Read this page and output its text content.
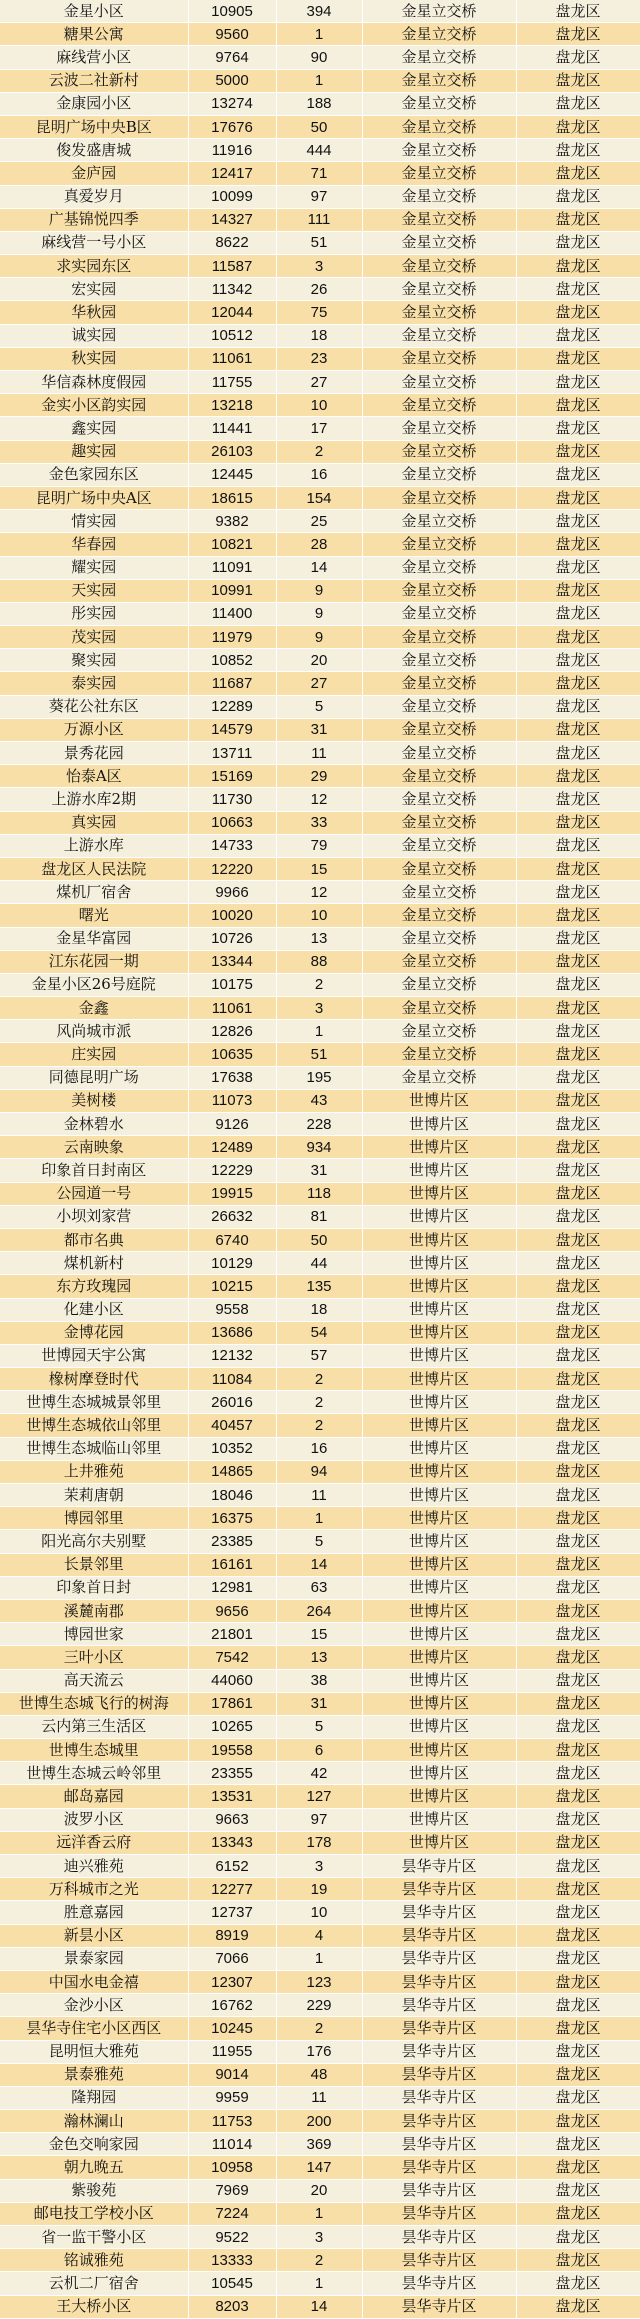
金星小区	10905	394	金星立交桥	盘龙区
糖果公寓	9560	1	金星立交桥	盘龙区
麻线营小区	9764	90	金星立交桥	盘龙区
云波二社新村	5000	1	金星立交桥	盘龙区
金康园小区	13274	188	金星立交桥	盘龙区
昆明广场中央B区	17676	50	金星立交桥	盘龙区
俊发盛唐城	11916	444	金星立交桥	盘龙区
金庐园	12417	71	金星立交桥	盘龙区
真爱岁月	10099	97	金星立交桥	盘龙区
广基锦悦四季	14327	111	金星立交桥	盘龙区
麻线营一号小区	8622	51	金星立交桥	盘龙区
求实园东区	11587	3	金星立交桥	盘龙区
宏实园	11342	26	金星立交桥	盘龙区
华秋园	12044	75	金星立交桥	盘龙区
诚实园	10512	18	金星立交桥	盘龙区
秋实园	11061	23	金星立交桥	盘龙区
华信森林度假园	11755	27	金星立交桥	盘龙区
金实小区韵实园	13218	10	金星立交桥	盘龙区
鑫实园	11441	17	金星立交桥	盘龙区
趣实园	26103	2	金星立交桥	盘龙区
金色家园东区	12445	16	金星立交桥	盘龙区
昆明广场中央A区	18615	154	金星立交桥	盘龙区
情实园	9382	25	金星立交桥	盘龙区
华春园	10821	28	金星立交桥	盘龙区
耀实园	11091	14	金星立交桥	盘龙区
天实园	10991	9	金星立交桥	盘龙区
彤实园	11400	9	金星立交桥	盘龙区
茂实园	11979	9	金星立交桥	盘龙区
聚实园	10852	20	金星立交桥	盘龙区
泰实园	11687	27	金星立交桥	盘龙区
葵花公社东区	12289	5	金星立交桥	盘龙区
万源小区	14579	31	金星立交桥	盘龙区
景秀花园	13711	11	金星立交桥	盘龙区
怡泰A区	15169	29	金星立交桥	盘龙区
上游水库2期	11730	12	金星立交桥	盘龙区
真实园	10663	33	金星立交桥	盘龙区
上游水库	14733	79	金星立交桥	盘龙区
盘龙区人民法院	12220	15	金星立交桥	盘龙区
煤机厂宿舍	9966	12	金星立交桥	盘龙区
曙光	10020	10	金星立交桥	盘龙区
金星华富园	10726	13	金星立交桥	盘龙区
江东花园一期	13344	88	金星立交桥	盘龙区
金星小区26号庭院	10175	2	金星立交桥	盘龙区
金鑫	11061	3	金星立交桥	盘龙区
风尚城市派	12826	1	金星立交桥	盘龙区
庄实园	10635	51	金星立交桥	盘龙区
同德昆明广场	17638	195	金星立交桥	盘龙区
美树楼	11073	43	世博片区	盘龙区
金林碧水	9126	228	世博片区	盘龙区
云南映象	12489	934	世博片区	盘龙区
印象首日封南区	12229	31	世博片区	盘龙区
公园道一号	19915	118	世博片区	盘龙区
小坝刘家营	26632	81	世博片区	盘龙区
都市名典	6740	50	世博片区	盘龙区
煤机新村	10129	44	世博片区	盘龙区
东方玫瑰园	10215	135	世博片区	盘龙区
化建小区	9558	18	世博片区	盘龙区
金博花园	13686	54	世博片区	盘龙区
世博园天宇公寓	12132	57	世博片区	盘龙区
橡树摩登时代	11084	2	世博片区	盘龙区
世博生态城城景邻里	26016	2	世博片区	盘龙区
世博生态城依山邻里	40457	2	世博片区	盘龙区
世博生态城临山邻里	10352	16	世博片区	盘龙区
上井雅苑	14865	94	世博片区	盘龙区
茉莉唐朝	18046	11	世博片区	盘龙区
博园邻里	16375	1	世博片区	盘龙区
阳光高尔夫别墅	23385	5	世博片区	盘龙区
长景邻里	16161	14	世博片区	盘龙区
印象首日封	12981	63	世博片区	盘龙区
溪麓南郡	9656	264	世博片区	盘龙区
博园世家	21801	15	世博片区	盘龙区
三叶小区	7542	13	世博片区	盘龙区
高天流云	44060	38	世博片区	盘龙区
世博生态城飞行的树海	17861	31	世博片区	盘龙区
云内第三生活区	10265	5	世博片区	盘龙区
世博生态城里	19558	6	世博片区	盘龙区
世博生态城云岭邻里	23355	42	世博片区	盘龙区
邮岛嘉园	13531	127	世博片区	盘龙区
波罗小区	9663	97	世博片区	盘龙区
远洋香云府	13343	178	世博片区	盘龙区
迪兴雅苑	6152	3	昙华寺片区	盘龙区
万科城市之光	12277	19	昙华寺片区	盘龙区
胜意嘉园	12737	10	昙华寺片区	盘龙区
新昙小区	8919	4	昙华寺片区	盘龙区
景泰家园	7066	1	昙华寺片区	盘龙区
中国水电金禧	12307	123	昙华寺片区	盘龙区
金沙小区	16762	229	昙华寺片区	盘龙区
昙华寺住宅小区西区	10245	2	昙华寺片区	盘龙区
昆明恒大雅苑	11955	176	昙华寺片区	盘龙区
景泰雅苑	9014	48	昙华寺片区	盘龙区
隆翔园	9959	11	昙华寺片区	盘龙区
瀚林澜山	11753	200	昙华寺片区	盘龙区
金色交响家园	11014	369	昙华寺片区	盘龙区
朝九晚五	10958	147	昙华寺片区	盘龙区
紫骏苑	7969	20	昙华寺片区	盘龙区
邮电技工学校小区	7224	1	昙华寺片区	盘龙区
省一监干警小区	9522	3	昙华寺片区	盘龙区
铭诚雅苑	13333	2	昙华寺片区	盘龙区
云机二厂宿舍	10545	1	昙华寺片区	盘龙区
王大桥小区	8203	14	昙华寺片区	盘龙区
